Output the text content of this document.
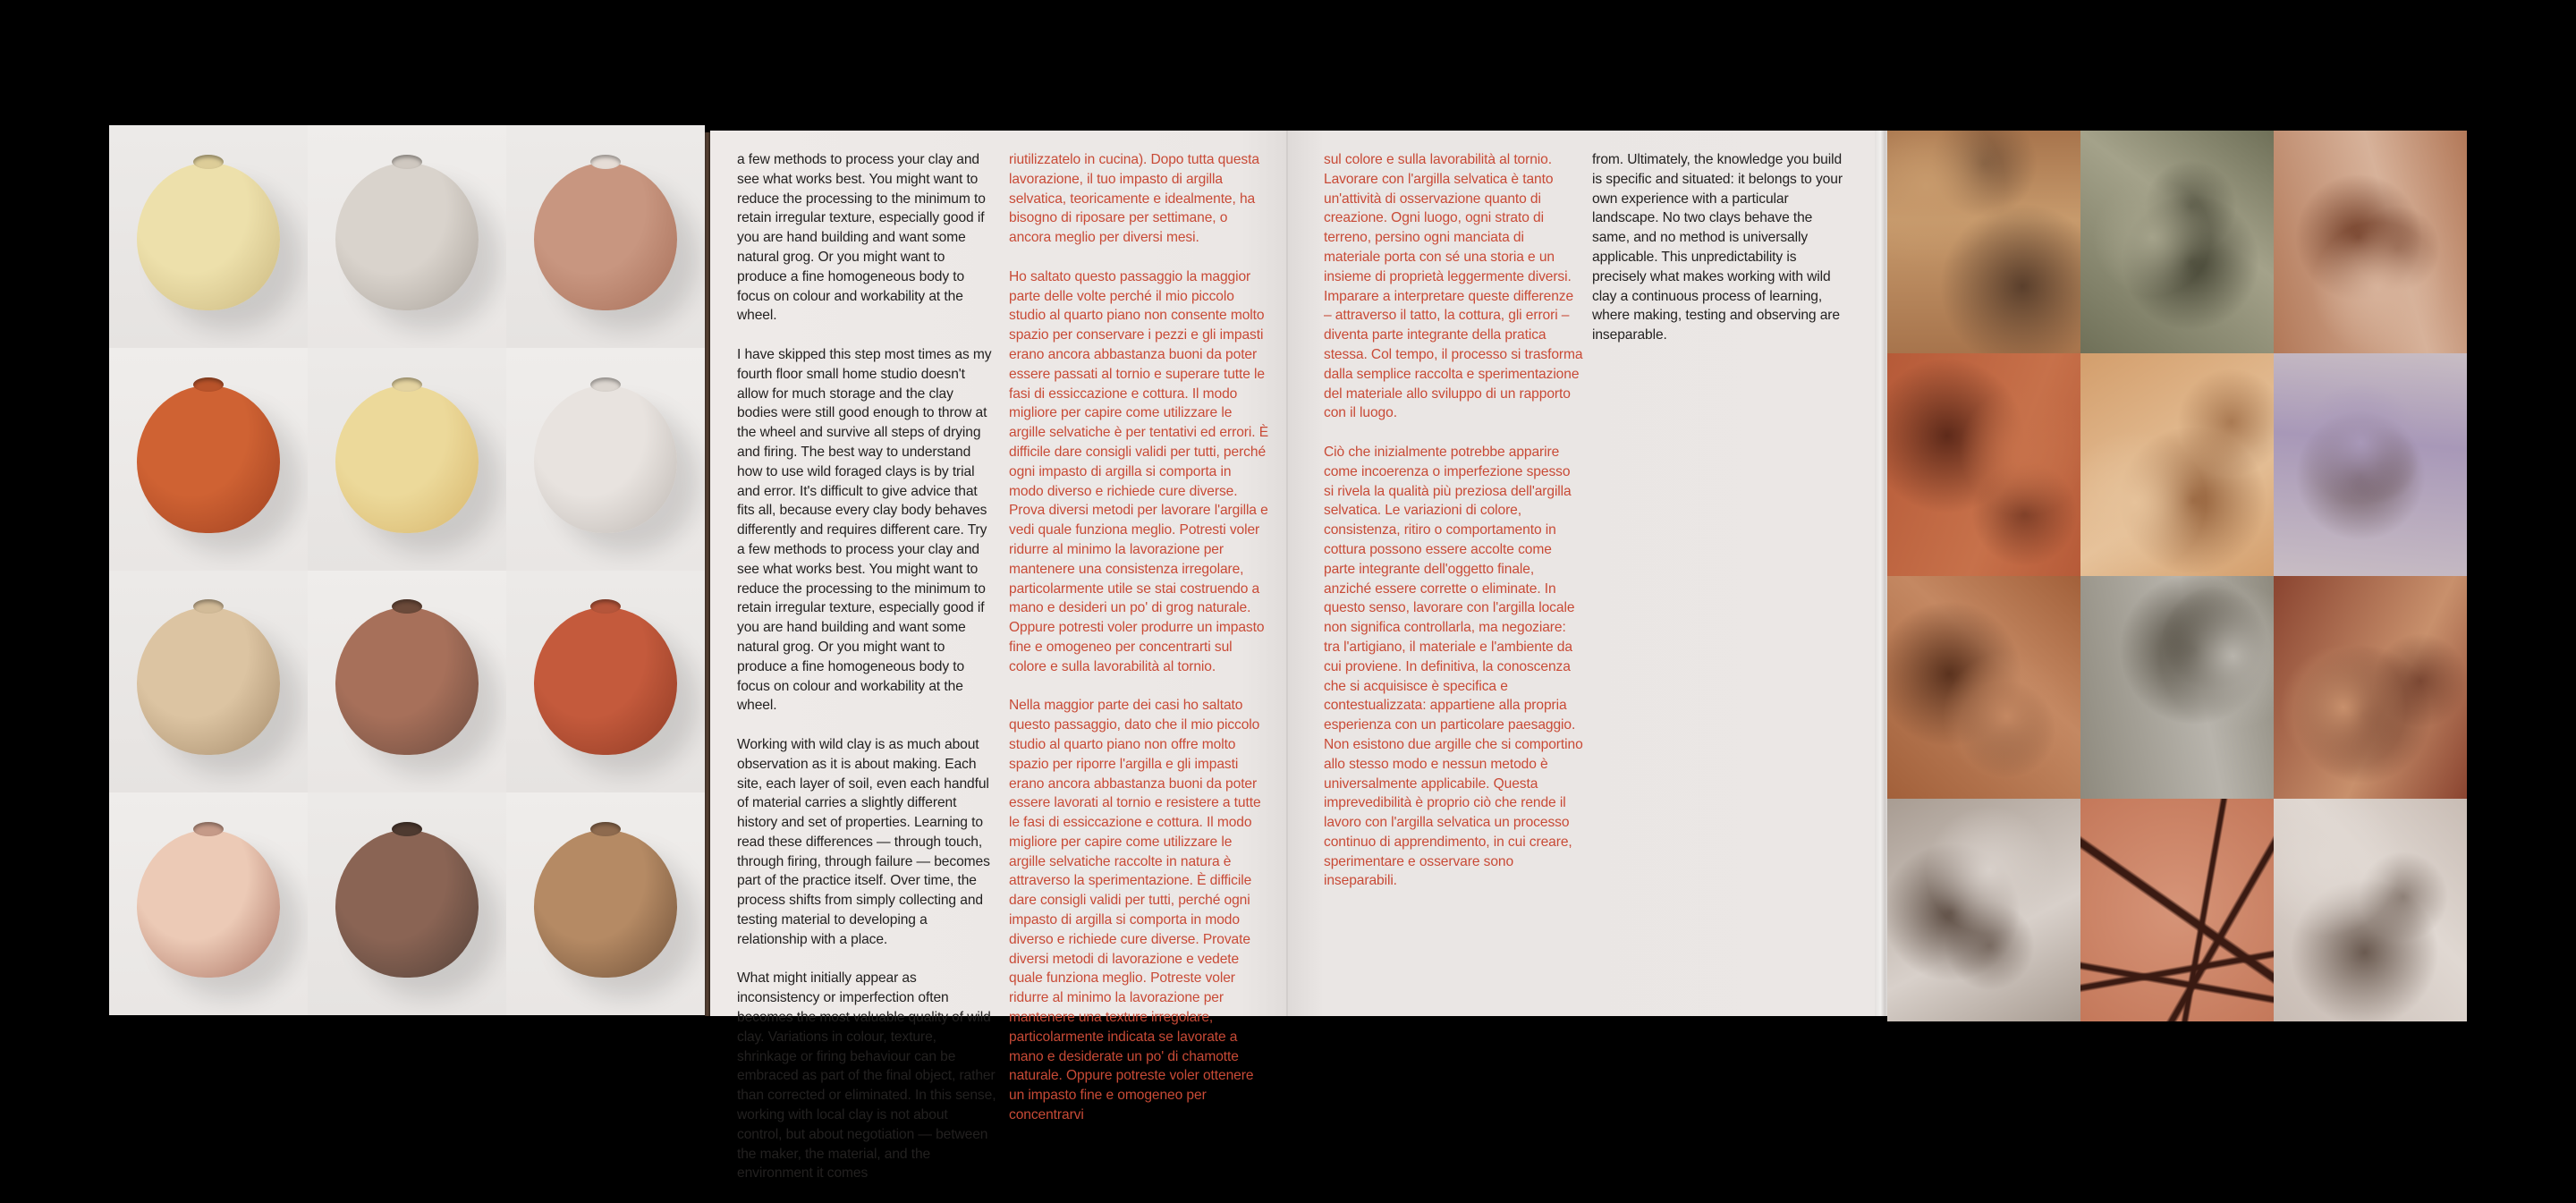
a few methods to process your clay and see what works best. You might want to reduce the processing to the minimum to retain irregular texture, especially good if you are hand building and want some natural grog. Or you might want to produce a fine homogeneous body to focus on colour and workability at the wheel.

I have skipped this step most times as my fourth floor small home studio doesn't allow for much storage and the clay bodies were still good enough to throw at the wheel and survive all steps of drying and firing. The best way to understand how to use wild foraged clays is by trial and error. It's difficult to give advice that fits all, because every clay body behaves differently and requires different care. Try a few methods to process your clay and see what works best. You might want to reduce the processing to the minimum to retain irregular texture, especially good if you are hand building and want some natural grog. Or you might want to produce a fine homogeneous body to focus on colour and workability at the wheel.

Working with wild clay is as much about observation as it is about making. Each site, each layer of soil, even each handful of material carries a slightly different history and set of properties. Learning to read these differences — through touch, through firing, through failure — becomes part of the practice itself. Over time, the process shifts from simply collecting and testing material to developing a relationship with a place.

What might initially appear as inconsistency or imperfection often becomes the most valuable quality of wild clay. Variations in colour, texture, shrinkage or firing behaviour can be embraced as part of the final object, rather than corrected or eliminated. In this sense, working with local clay is not about control, but about negotiation — between the maker, the material, and the environment it comes

riutilizzatelo in cucina). Dopo tutta questa lavorazione, il tuo impasto di argilla selvatica, teoricamente e idealmente, ha bisogno di riposare per settimane, o ancora meglio per diversi mesi.

Ho saltato questo passaggio la maggior parte delle volte perché il mio piccolo studio al quarto piano non consente molto spazio per conservare i pezzi e gli impasti erano ancora abbastanza buoni da poter essere passati al tornio e superare tutte le fasi di essiccazione e cottura. Il modo migliore per capire come utilizzare le argille selvatiche è per tentativi ed errori. È difficile dare consigli validi per tutti, perché ogni impasto di argilla si comporta in modo diverso e richiede cure diverse. Prova diversi metodi per lavorare l'argilla e vedi quale funziona meglio. Potresti voler ridurre al minimo la lavorazione per mantenere una consistenza irregolare, particolarmente utile se stai costruendo a mano e desideri un po' di grog naturale. Oppure potresti voler produrre un impasto fine e omogeneo per concentrarti sul colore e sulla lavorabilità al tornio.

Nella maggior parte dei casi ho saltato questo passaggio, dato che il mio piccolo studio al quarto piano non offre molto spazio per riporre l'argilla e gli impasti erano ancora abbastanza buoni da poter essere lavorati al tornio e resistere a tutte le fasi di essiccazione e cottura. Il modo migliore per capire come utilizzare le argille selvatiche raccolte in natura è attraverso la sperimentazione. È difficile dare consigli validi per tutti, perché ogni impasto di argilla si comporta in modo diverso e richiede cure diverse. Provate diversi metodi di lavorazione e vedete quale funziona meglio. Potreste voler ridurre al minimo la lavorazione per mantenere una texture irregolare, particolarmente indicata se lavorate a mano e desiderate un po' di chamotte naturale. Oppure potreste voler ottenere un impasto fine e omogeneo per concentrarvi

sul colore e sulla lavorabilità al tornio. Lavorare con l'argilla selvatica è tanto un'attività di osservazione quanto di creazione. Ogni luogo, ogni strato di terreno, persino ogni manciata di materiale porta con sé una storia e un insieme di proprietà leggermente diversi. Imparare a interpretare queste differenze – attraverso il tatto, la cottura, gli errori – diventa parte integrante della pratica stessa. Col tempo, il processo si trasforma dalla semplice raccolta e sperimentazione del materiale allo sviluppo di un rapporto con il luogo.

Ciò che inizialmente potrebbe apparire come incoerenza o imperfezione spesso si rivela la qualità più preziosa dell'argilla selvatica. Le variazioni di colore, consistenza, ritiro o comportamento in cottura possono essere accolte come parte integrante dell'oggetto finale, anziché essere corrette o eliminate. In questo senso, lavorare con l'argilla locale non significa controllarla, ma negoziare: tra l'artigiano, il materiale e l'ambiente da cui proviene. In definitiva, la conoscenza che si acquisisce è specifica e contestualizzata: appartiene alla propria esperienza con un particolare paesaggio. Non esistono due argille che si comportino allo stesso modo e nessun metodo è universalmente applicabile. Questa imprevedibilità è proprio ciò che rende il lavoro con l'argilla selvatica un processo continuo di apprendimento, in cui creare, sperimentare e osservare sono inseparabili.

from. Ultimately, the knowledge you build is specific and situated: it belongs to your own experience with a particular landscape. No two clays behave the same, and no method is universally applicable. This unpredictability is precisely what makes working with wild clay a continuous process of learning, where making, testing and observing are inseparable.
